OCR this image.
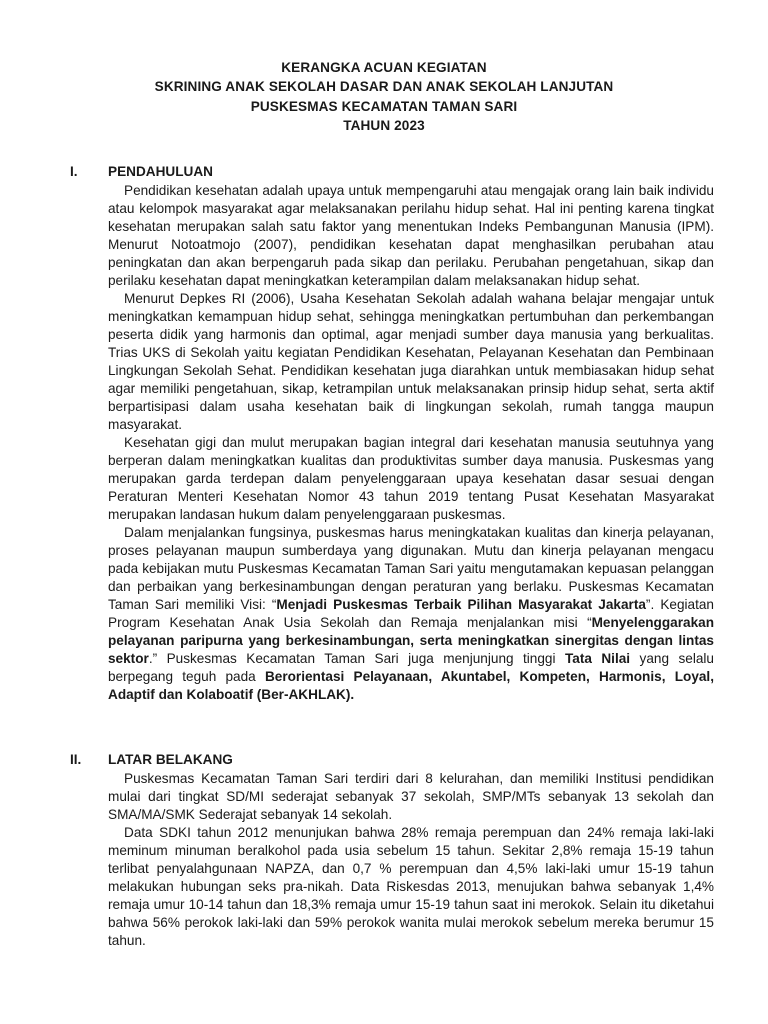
KERANGKA ACUAN KEGIATAN
SKRINING ANAK SEKOLAH DASAR DAN ANAK SEKOLAH LANJUTAN
PUSKESMAS KECAMATAN TAMAN SARI
TAHUN 2023
I. PENDAHULUAN

Pendidikan kesehatan adalah upaya untuk mempengaruhi atau mengajak orang lain baik individu atau kelompok masyarakat agar melaksanakan perilahu hidup sehat. Hal ini penting karena tingkat kesehatan merupakan salah satu faktor yang menentukan Indeks Pembangunan Manusia (IPM). Menurut Notoatmojo (2007), pendidikan kesehatan dapat menghasilkan perubahan atau peningkatan dan akan berpengaruh pada sikap dan perilaku. Perubahan pengetahuan, sikap dan perilaku kesehatan dapat meningkatkan keterampilan dalam melaksanakan hidup sehat.

Menurut Depkes RI (2006), Usaha Kesehatan Sekolah adalah wahana belajar mengajar untuk meningkatkan kemampuan hidup sehat, sehingga meningkatkan pertumbuhan dan perkembangan peserta didik yang harmonis dan optimal, agar menjadi sumber daya manusia yang berkualitas. Trias UKS di Sekolah yaitu kegiatan Pendidikan Kesehatan, Pelayanan Kesehatan dan Pembinaan Lingkungan Sekolah Sehat. Pendidikan kesehatan juga diarahkan untuk membiasakan hidup sehat agar memiliki pengetahuan, sikap, ketrampilan untuk melaksanakan prinsip hidup sehat, serta aktif berpartisipasi dalam usaha kesehatan baik di lingkungan sekolah, rumah tangga maupun masyarakat.

Kesehatan gigi dan mulut merupakan bagian integral dari kesehatan manusia seutuhnya yang berperan dalam meningkatkan kualitas dan produktivitas sumber daya manusia. Puskesmas yang merupakan garda terdepan dalam penyelenggaraan upaya kesehatan dasar sesuai dengan Peraturan Menteri Kesehatan Nomor 43 tahun 2019 tentang Pusat Kesehatan Masyarakat merupakan landasan hukum dalam penyelenggaraan puskesmas.

Dalam menjalankan fungsinya, puskesmas harus meningkatakan kualitas dan kinerja pelayanan, proses pelayanan maupun sumberdaya yang digunakan. Mutu dan kinerja pelayanan mengacu pada kebijakan mutu Puskesmas Kecamatan Taman Sari yaitu mengutamakan kepuasan pelanggan dan perbaikan yang berkesinambungan dengan peraturan yang berlaku. Puskesmas Kecamatan Taman Sari memiliki Visi: “Menjadi Puskesmas Terbaik Pilihan Masyarakat Jakarta”. Kegiatan Program Kesehatan Anak Usia Sekolah dan Remaja menjalankan misi “Menyelenggarakan pelayanan paripurna yang berkesinambungan, serta meningkatkan sinergitas dengan lintas sektor.” Puskesmas Kecamatan Taman Sari juga menjunjung tinggi Tata Nilai yang selalu berpegang teguh pada Berorientasi Pelayanaan, Akuntabel, Kompeten, Harmonis, Loyal, Adaptif dan Kolaboatif (Ber-AKHLAK).

II. LATAR BELAKANG

Puskesmas Kecamatan Taman Sari terdiri dari 8 kelurahan, dan memiliki Institusi pendidikan mulai dari tingkat SD/MI sederajat sebanyak 37 sekolah, SMP/MTs sebanyak 13 sekolah dan SMA/MA/SMK Sederajat sebanyak 14 sekolah.

Data SDKI tahun 2012 menunjukan bahwa 28% remaja perempuan dan 24% remaja laki-laki meminum minuman beralkohol pada usia sebelum 15 tahun. Sekitar 2,8% remaja 15-19 tahun terlibat penyalahgunaan NAPZA, dan 0,7 % perempuan dan 4,5% laki-laki umur 15-19 tahun melakukan hubungan seks pra-nikah. Data Riskesdas 2013, menujukan bahwa sebanyak 1,4% remaja umur 10-14 tahun dan 18,3% remaja umur 15-19 tahun saat ini merokok. Selain itu diketahui bahwa 56% perokok laki-laki dan 59% perokok wanita mulai merokok sebelum mereka berumur 15 tahun.
